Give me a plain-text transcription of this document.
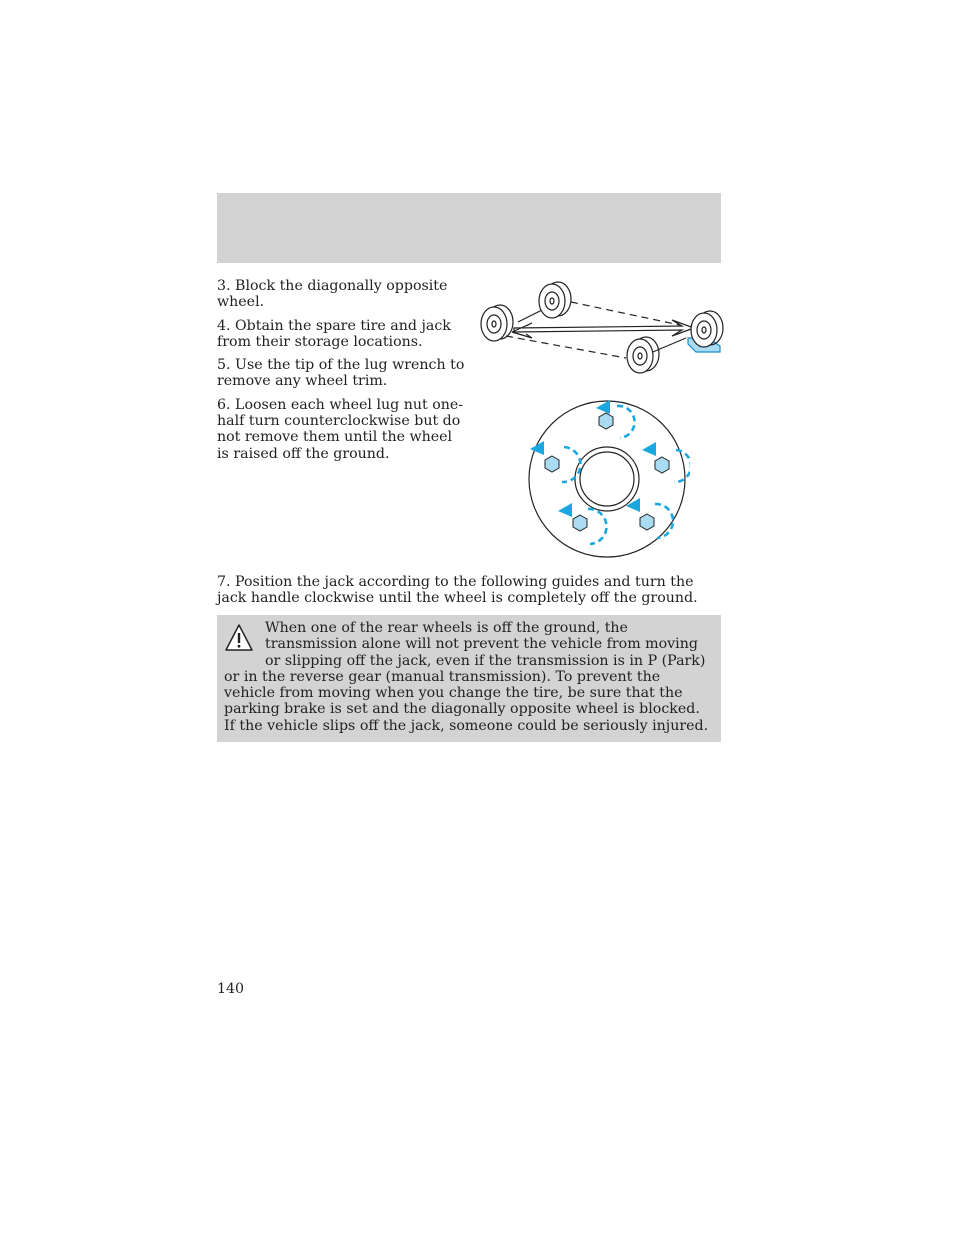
3. Block the diagonally opposite wheel.

4. Obtain the spare tire and jack from their storage locations.

5. Use the tip of the lug wrench to remove any wheel trim.

6. Loosen each wheel lug nut one-half turn counterclockwise but do not remove them until the wheel is raised off the ground.

7. Position the jack according to the following guides and turn the jack handle clockwise until the wheel is completely off the ground.

When one of the rear wheels is off the ground, the transmission alone will not prevent the vehicle from moving or slipping off the jack, even if the transmission is in P (Park) or in the reverse gear (manual transmission). To prevent the vehicle from moving when you change the tire, be sure that the parking brake is set and the diagonally opposite wheel is blocked. If the vehicle slips off the jack, someone could be seriously injured.

140
